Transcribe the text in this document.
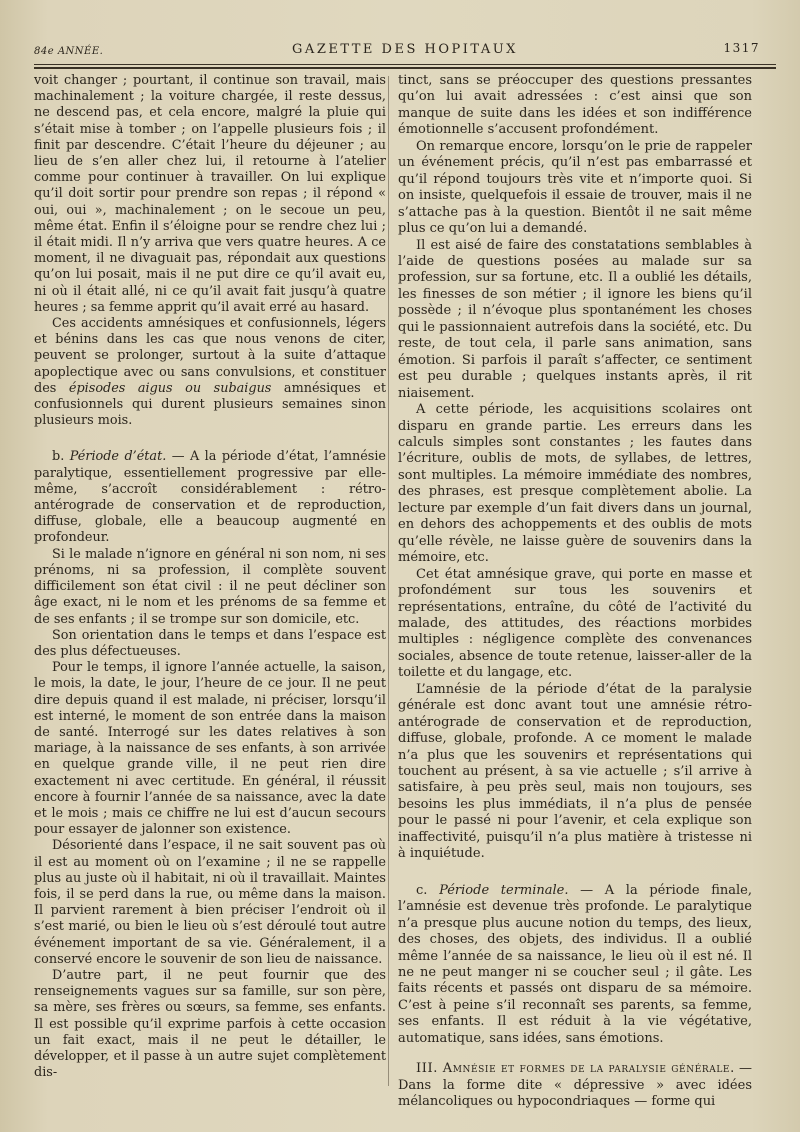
84e ANNÉE.	GAZETTE DES HOPITAUX	1317

voit changer ; pourtant, il continue son travail, mais machinalement ; la voiture chargée, il reste dessus, ne descend pas, et cela encore, malgré la pluie qui s’était mise à tomber ; on l’appelle plusieurs fois ; il finit par descendre. C’était l’heure du déjeuner ; au lieu de s’en aller chez lui, il retourne à l’atelier comme pour continuer à travailler. On lui explique qu’il doit sortir pour prendre son repas ; il répond « oui, oui », machinalement ; on le secoue un peu, même état. Enfin il s’éloigne pour se rendre chez lui ; il était midi. Il n’y arriva que vers quatre heures. A ce moment, il ne divaguait pas, répondait aux questions qu’on lui posait, mais il ne put dire ce qu’il avait eu, ni où il était allé, ni ce qu’il avait fait jusqu’à quatre heures ; sa femme apprit qu’il avait erré au hasard.

Ces accidents amnésiques et confusionnels, légers et bénins dans les cas que nous venons de citer, peuvent se prolonger, surtout à la suite d’attaque apoplectique avec ou sans convulsions, et constituer des épisodes aigus ou subaigus amnésiques et confusionnels qui durent plusieurs semaines sinon plusieurs mois.

b. Période d’état. — A la période d’état, l’amnésie paralytique, essentiellement progressive par elle-même, s’accroît considérablement : rétro-antérograde de conservation et de reproduction, diffuse, globale, elle a beaucoup augmenté en profondeur.

Si le malade n’ignore en général ni son nom, ni ses prénoms, ni sa profession, il complète souvent difficilement son état civil : il ne peut décliner son âge exact, ni le nom et les prénoms de sa femme et de ses enfants ; il se trompe sur son domicile, etc.

Son orientation dans le temps et dans l’espace est des plus défectueuses.

Pour le temps, il ignore l’année actuelle, la saison, le mois, la date, le jour, l’heure de ce jour. Il ne peut dire depuis quand il est malade, ni préciser, lorsqu’il est interné, le moment de son entrée dans la maison de santé. Interrogé sur les dates relatives à son mariage, à la naissance de ses enfants, à son arrivée en quelque grande ville, il ne peut rien dire exactement ni avec certitude. En général, il réussit encore à fournir l’année de sa naissance, avec la date et le mois ; mais ce chiffre ne lui est d’aucun secours pour essayer de jalonner son existence.

Désorienté dans l’espace, il ne sait souvent pas où il est au moment où on l’examine ; il ne se rappelle plus au juste où il habitait, ni où il travaillait. Maintes fois, il se perd dans la rue, ou même dans la maison. Il parvient rarement à bien préciser l’endroit où il s’est marié, ou bien le lieu où s’est déroulé tout autre événement important de sa vie. Généralement, il a conservé encore le souvenir de son lieu de naissance.

D’autre part, il ne peut fournir que des renseignements vagues sur sa famille, sur son père, sa mère, ses frères ou sœurs, sa femme, ses enfants. Il est possible qu’il exprime parfois à cette occasion un fait exact, mais il ne peut le détailler, le développer, et il passe à un autre sujet complètement dis-

tinct, sans se préoccuper des questions pressantes qu’on lui avait adressées : c’est ainsi que son manque de suite dans les idées et son indifférence émotionnelle s’accusent profondément.

On remarque encore, lorsqu’on le prie de rappeler un événement précis, qu’il n’est pas embarrassé et qu’il répond toujours très vite et n’importe quoi. Si on insiste, quelquefois il essaie de trouver, mais il ne s’attache pas à la question. Bientôt il ne sait même plus ce qu’on lui a demandé.

Il est aisé de faire des constatations semblables à l’aide de questions posées au malade sur sa profession, sur sa fortune, etc. Il a oublié les détails, les finesses de son métier ; il ignore les biens qu’il possède ; il n’évoque plus spontanément les choses qui le passionnaient autrefois dans la société, etc. Du reste, de tout cela, il parle sans animation, sans émotion. Si parfois il paraît s’affecter, ce sentiment est peu durable ; quelques instants après, il rit niaisement.

A cette période, les acquisitions scolaires ont disparu en grande partie. Les erreurs dans les calculs simples sont constantes ; les fautes dans l’écriture, oublis de mots, de syllabes, de lettres, sont multiples. La mémoire immédiate des nombres, des phrases, est presque complètement abolie. La lecture par exemple d’un fait divers dans un journal, en dehors des achoppements et des oublis de mots qu’elle révèle, ne laisse guère de souvenirs dans la mémoire, etc.

Cet état amnésique grave, qui porte en masse et profondément sur tous les souvenirs et représentations, entraîne, du côté de l’activité du malade, des attitudes, des réactions morbides multiples : négligence complète des convenances sociales, absence de toute retenue, laisser-aller de la toilette et du langage, etc.

L’amnésie de la période d’état de la paralysie générale est donc avant tout une amnésie rétro-antérograde de conservation et de reproduction, diffuse, globale, profonde. A ce moment le malade n’a plus que les souvenirs et représentations qui touchent au présent, à sa vie actuelle ; s’il arrive à satisfaire, à peu près seul, mais non toujours, ses besoins les plus immédiats, il n’a plus de pensée pour le passé ni pour l’avenir, et cela explique son inaffectivité, puisqu’il n’a plus matière à tristesse ni à inquiétude.

c. Période terminale. — A la période finale, l’amnésie est devenue très profonde. Le paralytique n’a presque plus aucune notion du temps, des lieux, des choses, des objets, des individus. Il a oublié même l’année de sa naissance, le lieu où il est né. Il ne ne peut manger ni se coucher seul ; il gâte. Les faits récents et passés ont disparu de sa mémoire. C’est à peine s’il reconnaît ses parents, sa femme, ses enfants. Il est réduit à la vie végétative, automatique, sans idées, sans émotions.

III. Amnésie et formes de la paralysie générale. — Dans la forme dite « dépressive » avec idées mélancoliques ou hypocondriaques — forme qui
